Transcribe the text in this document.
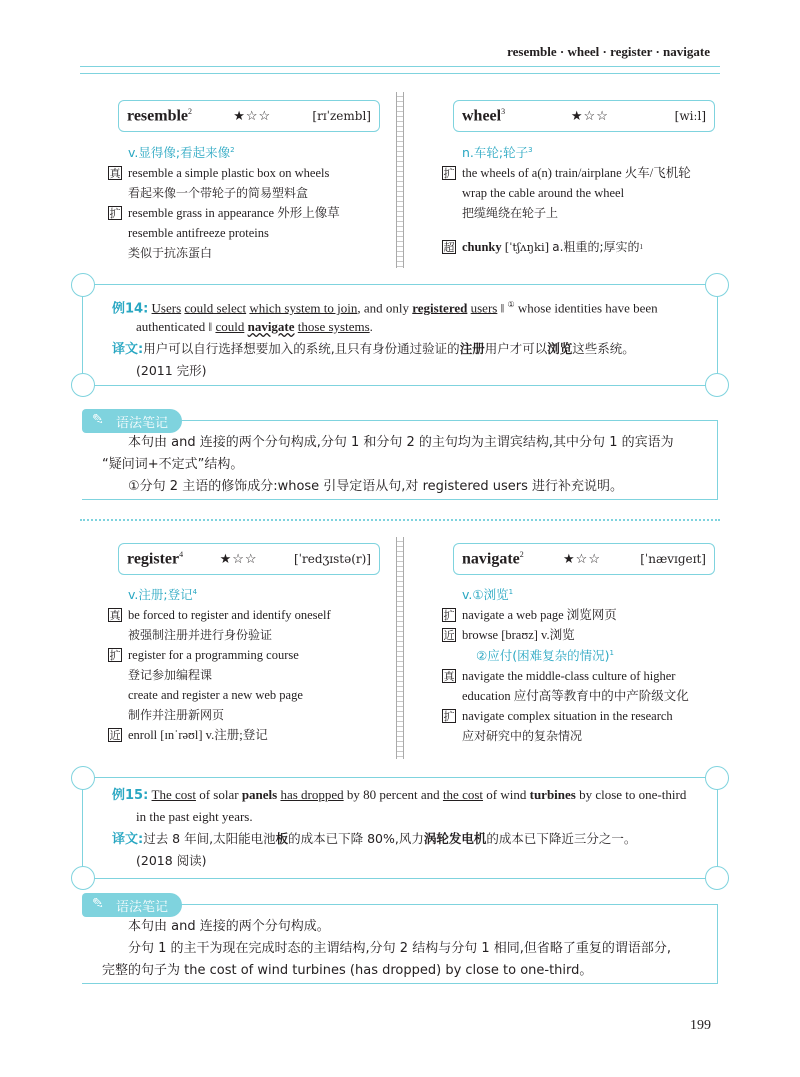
resemble · wheel · register · navigate
resemble$^2$	★☆☆	[rɪˈzembl]
v.显得像;看起来像$^2$
真 resemble a simple plastic box on wheels
看起来像一个带轮子的简易塑料盒
扩 resemble grass in appearance 外形上像草
resemble antifreeze proteins
类似于抗冻蛋白
wheel$^3$	★☆☆	[wiːl]
n.车轮;轮子$^3$
扩 the wheels of a(n) train/airplane 火车/飞机轮
wrap the cable around the wheel
把缆绳绕在轮子上
超 chunky
[ˈtʃʌŋki]
a.粗重的;厚实的 1
例14: Users could select which system to join, and only registered users ‖ ① whose identities have been
authenticated ‖ could navigate those systems.
译文:用户可以自行选择想要加入的系统,且只有身份通过验证的注册用户才可以浏览这些系统。
(2011 完形)
✎ 语法笔记
本句由 and 连接的两个分句构成,分句 1 和分句 2 的主句均为主谓宾结构,其中分句 1 的宾语为
“疑问词+不定式”结构。
①分句 2 主语的修饰成分:whose 引导定语从句,对 registered users 进行补充说明。
register$^4$	★☆☆	[ˈredʒɪstə(r)]
v.注册;登记$^4$
真 be forced to register and identify oneself
被强制注册并进行身份验证
扩 register for a programming course
登记参加编程课
create and register a new web page
制作并注册新网页
近 enroll [ɪnˈrəʊl] v.注册;登记
navigate$^2$	★☆☆	[ˈnævɪɡeɪt]
v.①浏览$^1$
扩 navigate a web page 浏览网页
近 browse [braʊz] v.浏览
②应付(困难复杂的情况)$^1$
真 navigate the middle-class culture of higher
education 应付高等教育中的中产阶级文化
扩 navigate complex situation in the research
应对研究中的复杂情况
例15: The cost of solar panels has dropped by 80 percent and the cost of wind turbines by close to one-third
in the past eight years.
译文:过去 8 年间,太阳能电池板的成本已下降 80%,风力涡轮发电机的成本已下降近三分之一。
(2018 阅读)
✎ 语法笔记
本句由 and 连接的两个分句构成。
分句 1 的主干为现在完成时态的主谓结构,分句 2 结构与分句 1 相同,但省略了重复的谓语部分,
完整的句子为 the cost of wind turbines (has dropped) by close to one-third。
199
